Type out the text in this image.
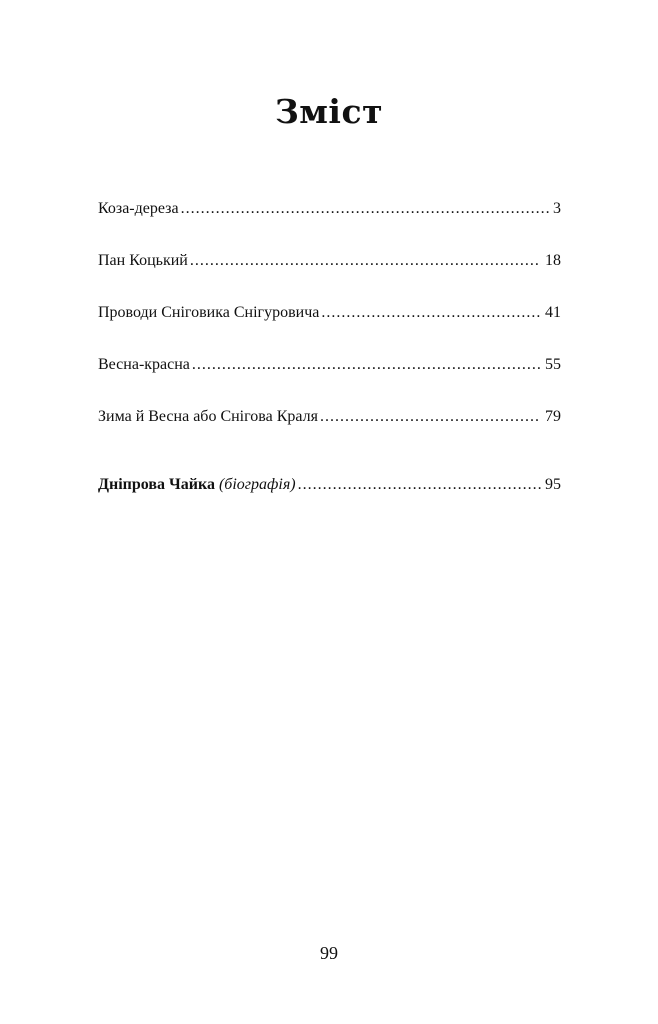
Зміст
Коза-дереза .....	3
Пан Коцький .....	18
Проводи Сніговика Снігуровича .....	41
Весна-красна .....	55
Зима й Весна або Снігова Краля .....	79
Дніпрова Чайка (біографія) .....	95
99
